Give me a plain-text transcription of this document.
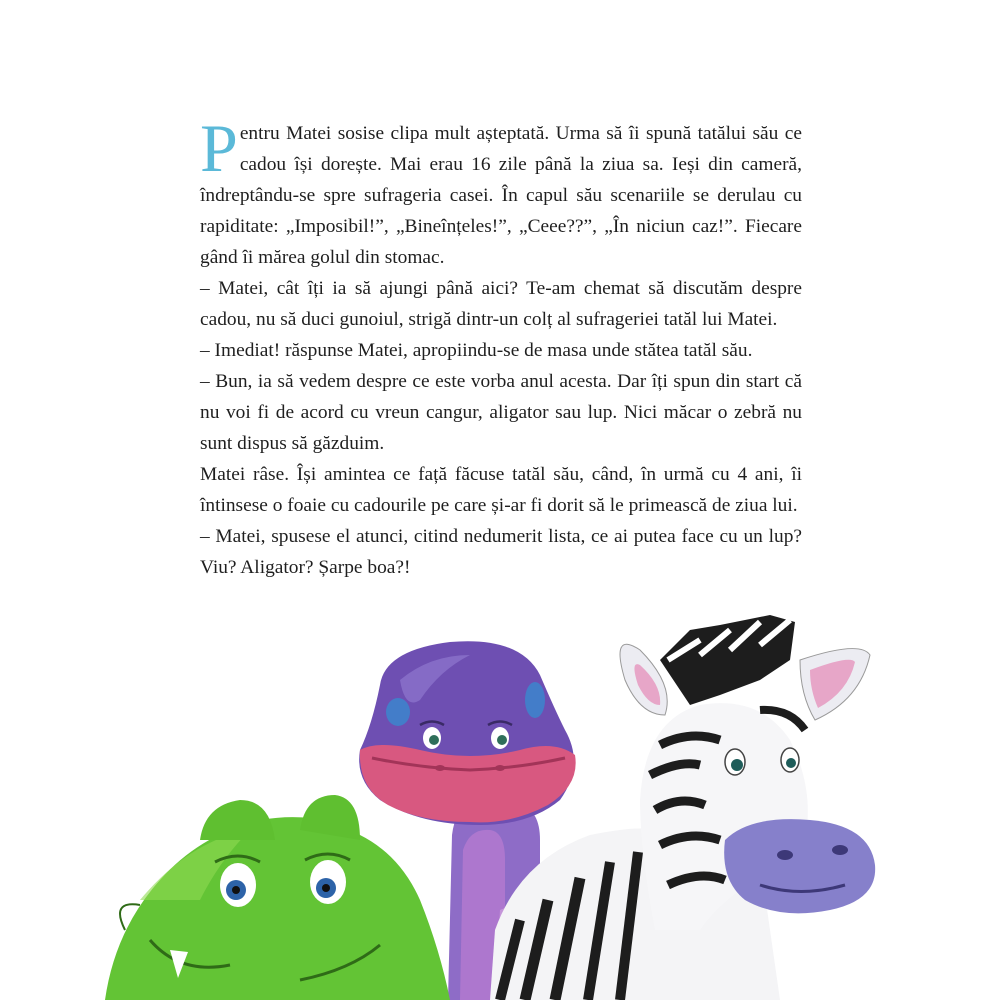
Pentru Matei sosise clipa mult așteptată. Urma să îi spună tatălui său ce cadou își dorește. Mai erau 16 zile până la ziua sa. Ieși din cameră, îndreptându-se spre sufrageria casei. În capul său scenariile se derulau cu rapiditate: „Imposibil!”, „Bineînțeles!”, „Ceee??”, „În niciun caz!”. Fiecare gând îi mărea golul din stomac.

– Matei, cât îți ia să ajungi până aici? Te-am chemat să discutăm despre cadou, nu să duci gunoiul, strigă dintr-un colț al sufrageriei tatăl lui Matei.

– Imediat! răspunse Matei, apropiindu-se de masa unde stătea tatăl său.

– Bun, ia să vedem despre ce este vorba anul acesta. Dar îți spun din start că nu voi fi de acord cu vreun cangur, aligator sau lup. Nici măcar o zebră nu sunt dispus să găzduim.

Matei râse. Își amintea ce față făcuse tatăl său, când, în urmă cu 4 ani, îi întinsese o foaie cu cadourile pe care și-ar fi dorit să le primească de ziua lui.

– Matei, spusese el atunci, citind nedumerit lista, ce ai putea face cu un lup? Viu? Aligator? Șarpe boa?!
